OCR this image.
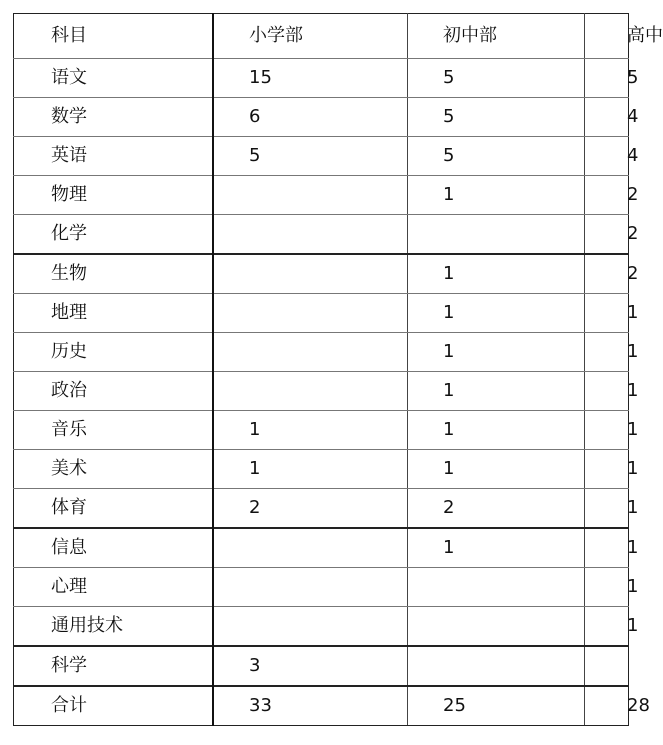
科目	小学部	初中部	高中
语文	15	5	5
数学	6	5	4
英语	5	5	4
物理		1	2
化学			2
生物		1	2
地理		1	1
历史		1	1
政治		1	1
音乐	1	1	1
美术	1	1	1
体育	2	2	1
信息		1	1
心理			1
通用技术			1
科学	3		
合计	33	25	28
